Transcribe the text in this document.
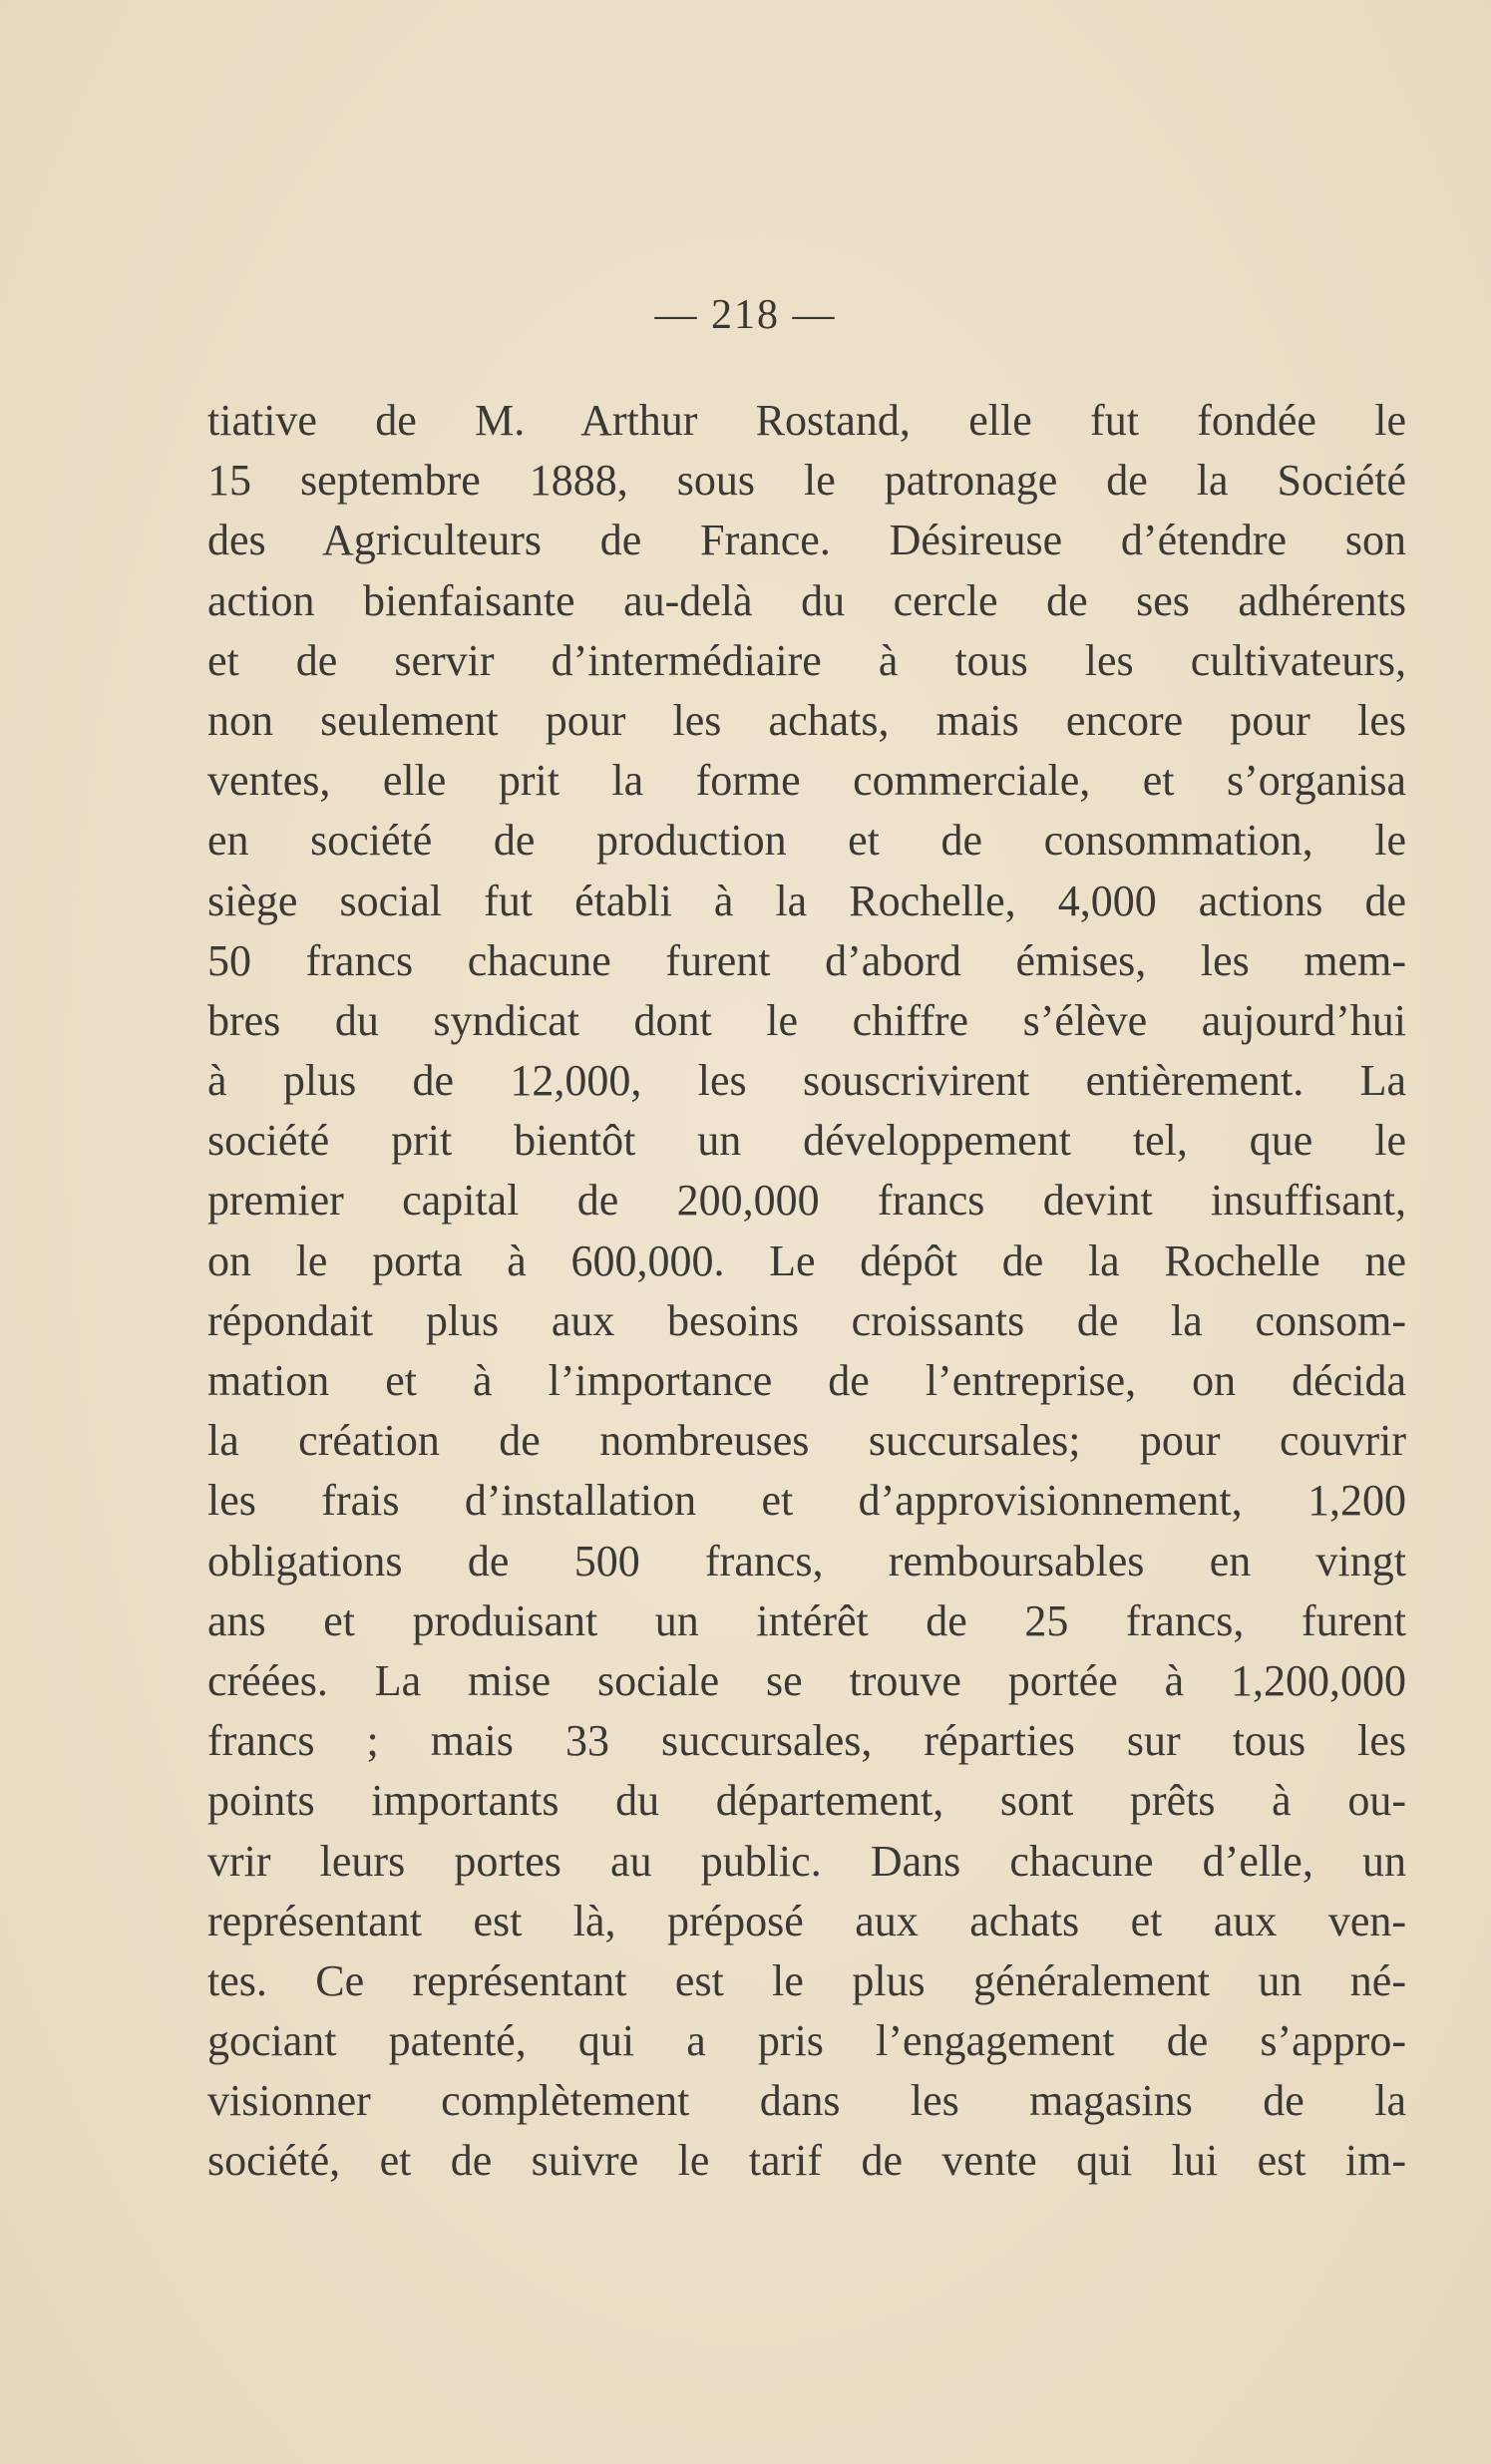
— 218 —
tiative de M. Arthur Rostand, elle fut fondée le
15 septembre 1888, sous le patronage de la Société
des Agriculteurs de France. Désireuse d’étendre son
action bienfaisante au-delà du cercle de ses adhérents
et de servir d’intermédiaire à tous les cultivateurs,
non seulement pour les achats, mais encore pour les
ventes, elle prit la forme commerciale, et s’organisa
en société de production et de consommation, le
siège social fut établi à la Rochelle, 4,000 actions de
50 francs chacune furent d’abord émises, les mem-
bres du syndicat dont le chiffre s’élève aujourd’hui
à plus de 12,000, les souscrivirent entièrement. La
société prit bientôt un développement tel, que le
premier capital de 200,000 francs devint insuffisant,
on le porta à 600,000. Le dépôt de la Rochelle ne
répondait plus aux besoins croissants de la consom-
mation et à l’importance de l’entreprise, on décida
la création de nombreuses succursales; pour couvrir
les frais d’installation et d’approvisionnement, 1,200
obligations de 500 francs, remboursables en vingt
ans et produisant un intérêt de 25 francs, furent
créées. La mise sociale se trouve portée à 1,200,000
francs ; mais 33 succursales, réparties sur tous les
points importants du département, sont prêts à ou-
vrir leurs portes au public. Dans chacune d’elle, un
représentant est là, préposé aux achats et aux ven-
tes. Ce représentant est le plus généralement un né-
gociant patenté, qui a pris l’engagement de s’appro-
visionner complètement dans les magasins de la
société, et de suivre le tarif de vente qui lui est im-
